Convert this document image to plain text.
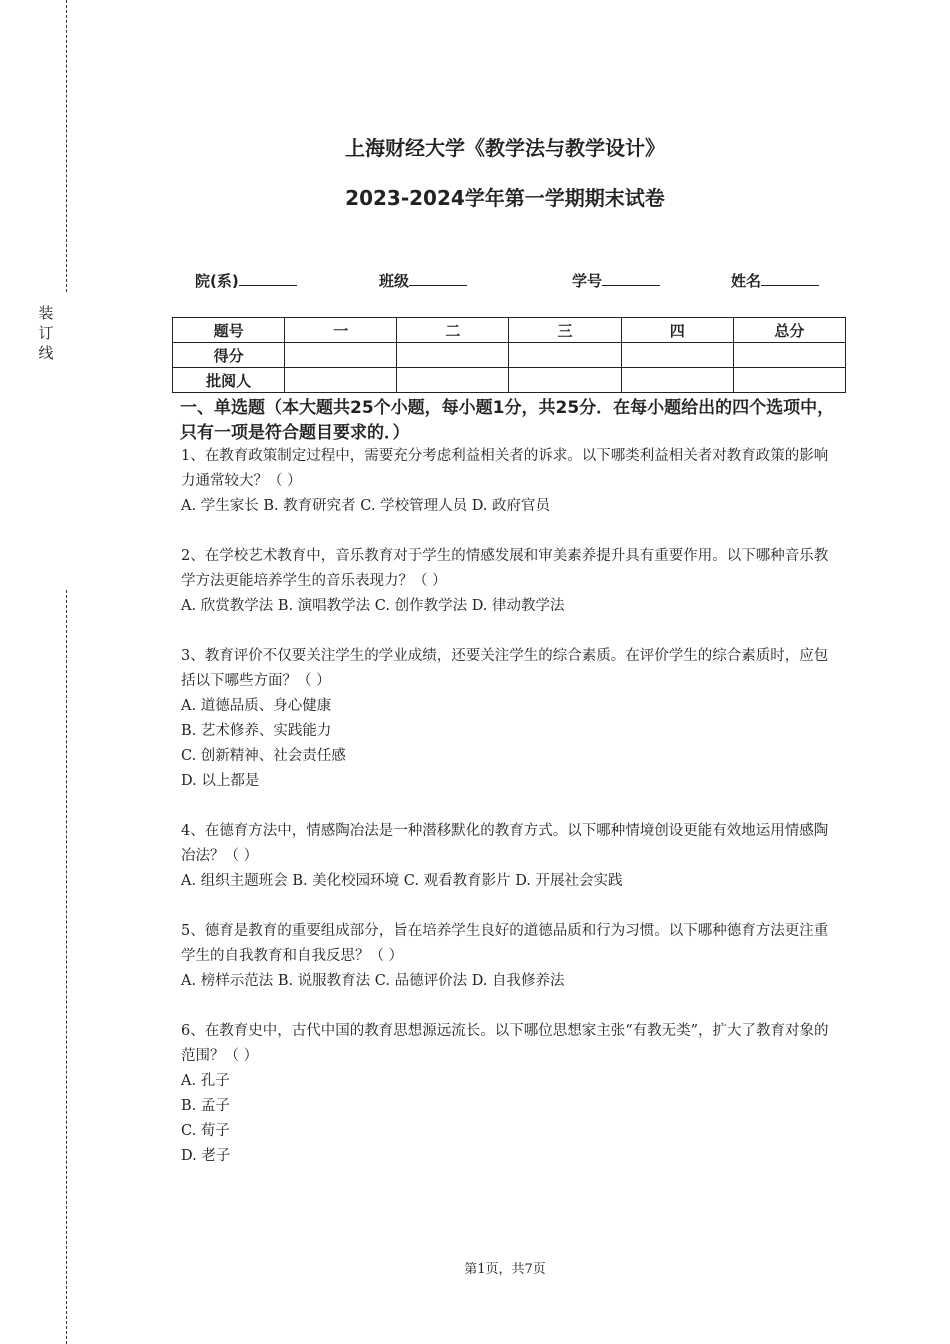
装
订
线
上海财经大学《教学法与教学设计》
2023-2024学年第一学期期末试卷
院(系)	班级	学号	姓名
题号	一	二	三	四	总分
得分					
批阅人					
一、单选题（本大题共25个小题，每小题1分，共25分．在每小题给出的四个选项中，只有一项是符合题目要求的．）

1、在教育政策制定过程中，需要充分考虑利益相关者的诉求。以下哪类利益相关者对教育政策的影响力通常较大？（ ）

A. 学生家长 B. 教育研究者 C. 学校管理人员 D. 政府官员

2、在学校艺术教育中，音乐教育对于学生的情感发展和审美素养提升具有重要作用。以下哪种音乐教学方法更能培养学生的音乐表现力？（ ）

A. 欣赏教学法 B. 演唱教学法 C. 创作教学法 D. 律动教学法

3、教育评价不仅要关注学生的学业成绩，还要关注学生的综合素质。在评价学生的综合素质时，应包括以下哪些方面？（ ）

A. 道德品质、身心健康

B. 艺术修养、实践能力

C. 创新精神、社会责任感

D. 以上都是

4、在德育方法中，情感陶冶法是一种潜移默化的教育方式。以下哪种情境创设更能有效地运用情感陶冶法？（ ）

A. 组织主题班会 B. 美化校园环境 C. 观看教育影片 D. 开展社会实践

5、德育是教育的重要组成部分，旨在培养学生良好的道德品质和行为习惯。以下哪种德育方法更注重学生的自我教育和自我反思？（ ）

A. 榜样示范法 B. 说服教育法 C. 品德评价法 D. 自我修养法

6、在教育史中，古代中国的教育思想源远流长。以下哪位思想家主张“有教无类”，扩大了教育对象的范围？（ ）

A. 孔子

B. 孟子

C. 荀子

D. 老子

第1页，共7页
